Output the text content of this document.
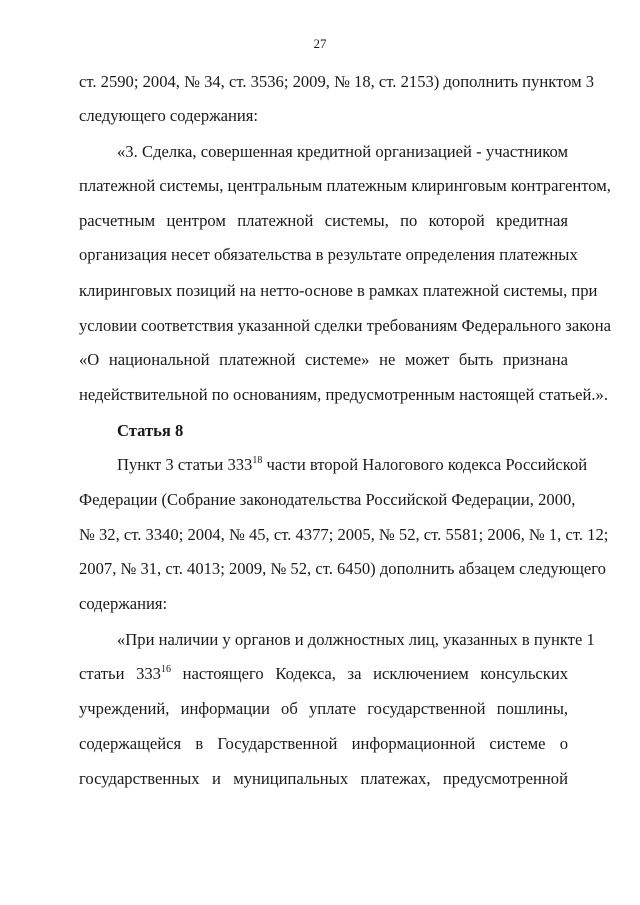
27
ст. 2590; 2004, № 34, ст. 3536; 2009, № 18, ст. 2153) дополнить пунктом 3
следующего содержания:
«3. Сделка, совершенная кредитной организацией - участником
платежной системы, центральным платежным клиринговым контрагентом,
расчетным центром платежной системы, по которой кредитная
организация несет обязательства в результате определения платежных
клиринговых позиций на нетто-основе в рамках платежной системы, при
условии соответствия указанной сделки требованиям Федерального закона
«О национальной платежной системе» не может быть признана
недействительной по основаниям, предусмотренным настоящей статьей.».
Статья 8
Пункт 3 статьи $333^{18}$ части второй Налогового кодекса Российской
Федерации (Собрание законодательства Российской Федерации, 2000,
№ 32, ст. 3340; 2004, № 45, ст. 4377; 2005, № 52, ст. 5581; 2006, № 1, ст. 12;
2007, № 31, ст. 4013; 2009, № 52, ст. 6450) дополнить абзацем следующего
содержания:
«При наличии у органов и должностных лиц, указанных в пункте 1
статьи $333^{16}$ настоящего Кодекса, за исключением консульских
учреждений, информации об уплате государственной пошлины,
содержащейся в Государственной информационной системе о
государственных и муниципальных платежах, предусмотренной
